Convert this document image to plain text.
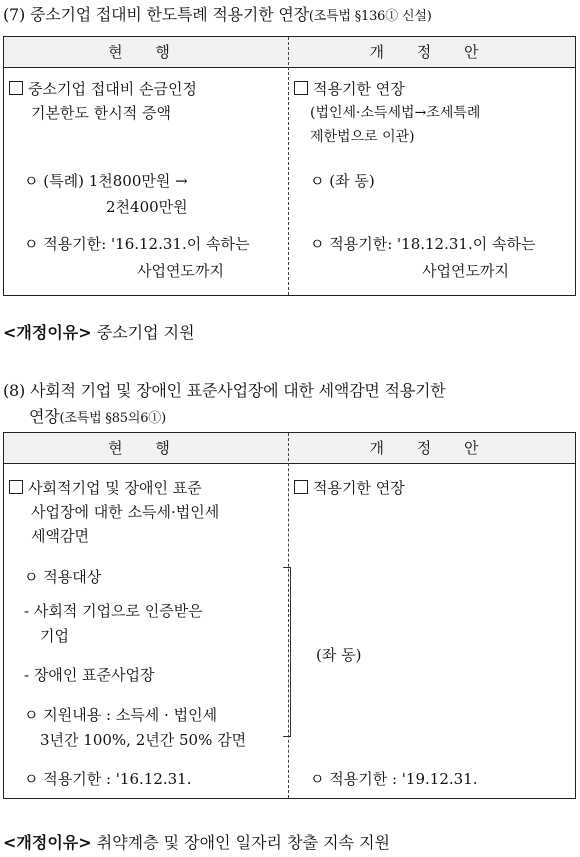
(7) 중소기업 접대비 한도특례 적용기한 연장(조특법 §136① 신설)
현 행	개 정 안
중소기업 접대비 손금인정
기본한도 한시적 증액
ㅇ (특례) 1천800만원 →
2천400만원
ㅇ 적용기한: '16.12.31.이 속하는
사업연도까지
적용기한 연장
(법인세·소득세법→조세특례
제한법으로 이관)
ㅇ (좌 동)
ㅇ 적용기한: '18.12.31.이 속하는
사업연도까지
<개정이유> 중소기업 지원
(8) 사회적 기업 및 장애인 표준사업장에 대한 세액감면 적용기한
연장(조특법 §85의6①)
현 행	개 정 안
사회적기업 및 장애인 표준
사업장에 대한 소득세·법인세
세액감면
ㅇ 적용대상
- 사회적 기업으로 인증받은
기업
- 장애인 표준사업장
ㅇ 지원내용 : 소득세 · 법인세
3년간 100%, 2년간 50% 감면
ㅇ 적용기한 : '16.12.31.
적용기한 연장
(좌 동)
ㅇ 적용기한 : '19.12.31.
<개정이유> 취약계층 및 장애인 일자리 창출 지속 지원
